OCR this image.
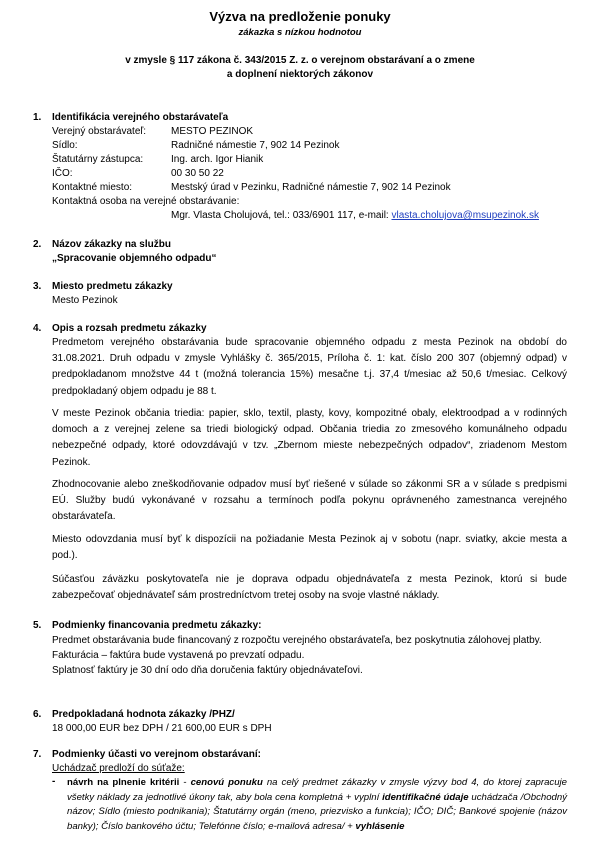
Výzva na predloženie ponuky
zákazka s nízkou hodnotou
v zmysle § 117 zákona č. 343/2015 Z. z. o verejnom obstarávaní a o zmene
a doplnení niektorých zákonov
1. Identifikácia verejného obstarávateľa
Verejný obstarávateľ: MESTO PEZINOK
Sídlo:	Radničné námestie 7, 902 14 Pezinok
Štatutárny zástupca:	Ing. arch. Igor Hianik
IČO:	00 30 50 22
Kontaktné miesto:	Mestský úrad v Pezinku, Radničné námestie 7, 902 14 Pezinok
Kontaktná osoba na verejné obstarávanie:
Mgr. Vlasta Cholujová, tel.: 033/6901 117, e-mail: vlasta.cholujova@msupezinok.sk
2. Názov zákazky na službu
„Spracovanie objemného odpadu“
3. Miesto predmetu zákazky
Mesto Pezinok
4. Opis a rozsah predmetu zákazky
Predmetom verejného obstarávania bude spracovanie objemného odpadu z mesta Pezinok na období do 31.08.2021. Druh odpadu v zmysle Vyhlášky č. 365/2015, Príloha č. 1: kat. číslo 200 307 (objemný odpad) v predpokladanom množstve 44 t (možná tolerancia 15%) mesačne t.j. 37,4 t/mesiac až 50,6 t/mesiac. Celkový predpokladaný objem odpadu je 88 t.
V meste Pezinok občania triedia: papier, sklo, textil, plasty, kovy, kompozitné obaly, elektroodpad a v rodinných domoch a z verejnej zelene sa triedi biologický odpad. Občania triedia zo zmesového komunálneho odpadu nebezpečné odpady, ktoré odovzdávajú v tzv. „Zbernom mieste nebezpečných odpadov“, zriadenom Mestom Pezinok.
Zhodnocovanie alebo zneškodňovanie odpadov musí byť riešené v súlade so zákonmi SR a v súlade s predpismi EÚ. Služby budú vykonávané v rozsahu a termínoch podľa pokynu oprávneného zamestnanca verejného obstarávateľa.
Miesto odovzdania musí byť k dispozícii na požiadanie Mesta Pezinok aj v sobotu (napr. sviatky, akcie mesta a pod.).
Súčasťou záväzku poskytovateľa nie je doprava odpadu objednávateľa z mesta Pezinok, ktorú si bude zabezpečovať objednávateľ sám prostredníctvom tretej osoby na svoje vlastné náklady.
5. Podmienky financovania predmetu zákazky:
Predmet obstarávania bude financovaný z rozpočtu verejného obstarávateľa, bez poskytnutia zálohovej platby.
Fakturácia – faktúra bude vystavená po prevzatí odpadu.
Splatnosť faktúry je 30 dní odo dňa doručenia faktúry objednávateľovi.
6. Predpokladaná hodnota zákazky /PHZ/
18 000,00 EUR bez DPH / 21 600,00 EUR s DPH
7. Podmienky účasti vo verejnom obstarávaní:
Uchádzač predloží do súťaže:
- návrh na plnenie kritérii - cenovú ponuku na celý predmet zákazky v zmysle výzvy bod 4, do ktorej zapracuje všetky náklady za jednotlivé úkony tak, aby bola cena kompletná + vyplní identifikačné údaje uchádzača /Obchodný názov; Sídlo (miesto podnikania); Štatutárny orgán (meno, priezvisko a funkcia); IČO; DIČ; Bankové spojenie (názov banky); Číslo bankového účtu; Telefónne číslo; e-mailová adresa/ + vyhlásenie
